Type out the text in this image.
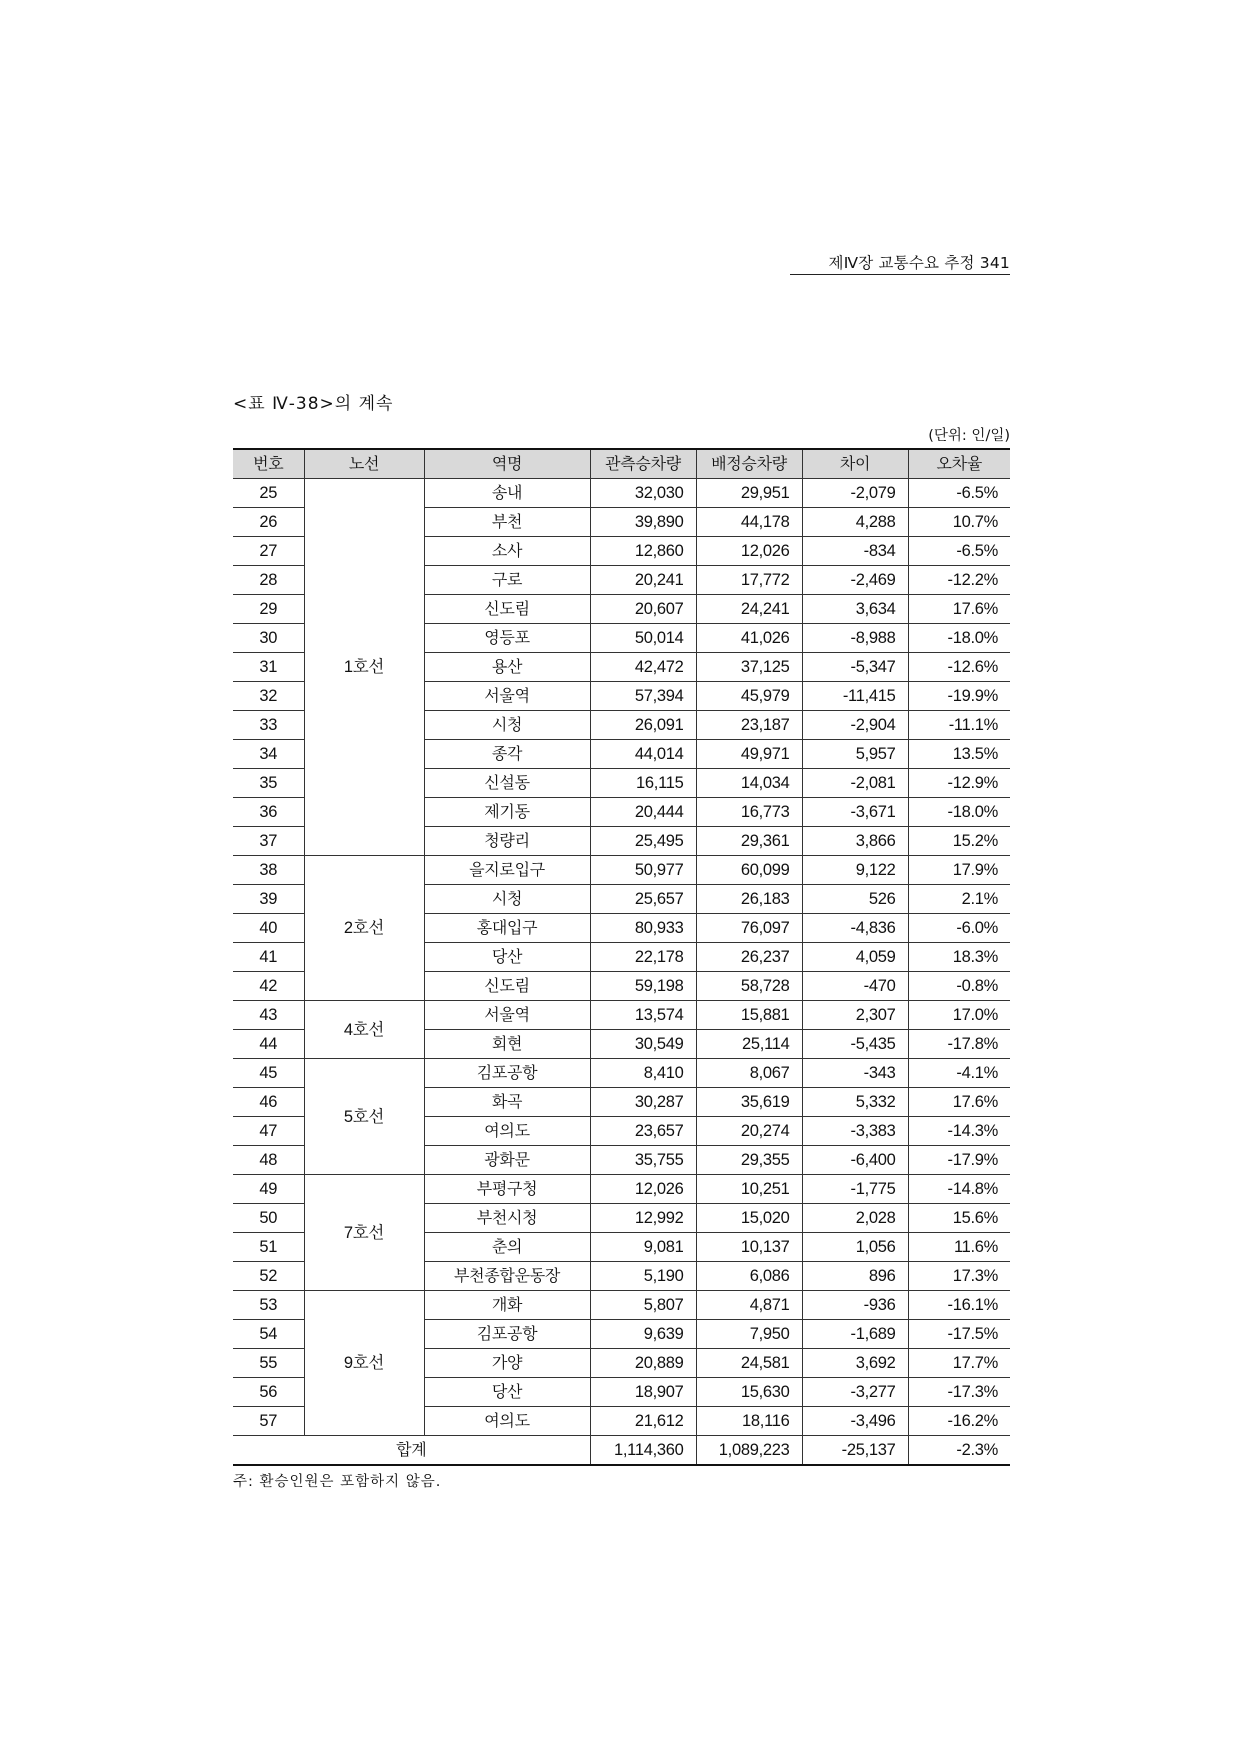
제Ⅳ장 교통수요 추정 341
<표 Ⅳ-38>의 계속
(단위: 인/일)
번호	노선	역명	관측승차량	배정승차량	차이	오차율
25	1호선	송내	32,030	29,951	-2,079	-6.5%
26		부천	39,890	44,178	4,288	10.7%
27		소사	12,860	12,026	-834	-6.5%
28		구로	20,241	17,772	-2,469	-12.2%
29		신도림	20,607	24,241	3,634	17.6%
30		영등포	50,014	41,026	-8,988	-18.0%
31		용산	42,472	37,125	-5,347	-12.6%
32		서울역	57,394	45,979	-11,415	-19.9%
33		시청	26,091	23,187	-2,904	-11.1%
34		종각	44,014	49,971	5,957	13.5%
35		신설동	16,115	14,034	-2,081	-12.9%
36		제기동	20,444	16,773	-3,671	-18.0%
37		청량리	25,495	29,361	3,866	15.2%
38	2호선	을지로입구	50,977	60,099	9,122	17.9%
39		시청	25,657	26,183	526	2.1%
40		홍대입구	80,933	76,097	-4,836	-6.0%
41		당산	22,178	26,237	4,059	18.3%
42		신도림	59,198	58,728	-470	-0.8%
43	4호선	서울역	13,574	15,881	2,307	17.0%
44		회현	30,549	25,114	-5,435	-17.8%
45	5호선	김포공항	8,410	8,067	-343	-4.1%
46		화곡	30,287	35,619	5,332	17.6%
47		여의도	23,657	20,274	-3,383	-14.3%
48		광화문	35,755	29,355	-6,400	-17.9%
49	7호선	부평구청	12,026	10,251	-1,775	-14.8%
50		부천시청	12,992	15,020	2,028	15.6%
51		춘의	9,081	10,137	1,056	11.6%
52		부천종합운동장	5,190	6,086	896	17.3%
53	9호선	개화	5,807	4,871	-936	-16.1%
54		김포공항	9,639	7,950	-1,689	-17.5%
55		가양	20,889	24,581	3,692	17.7%
56		당산	18,907	15,630	-3,277	-17.3%
57		여의도	21,612	18,116	-3,496	-16.2%
합계			1,114,360	1,089,223	-25,137	-2.3%
주: 환승인원은 포함하지 않음.
